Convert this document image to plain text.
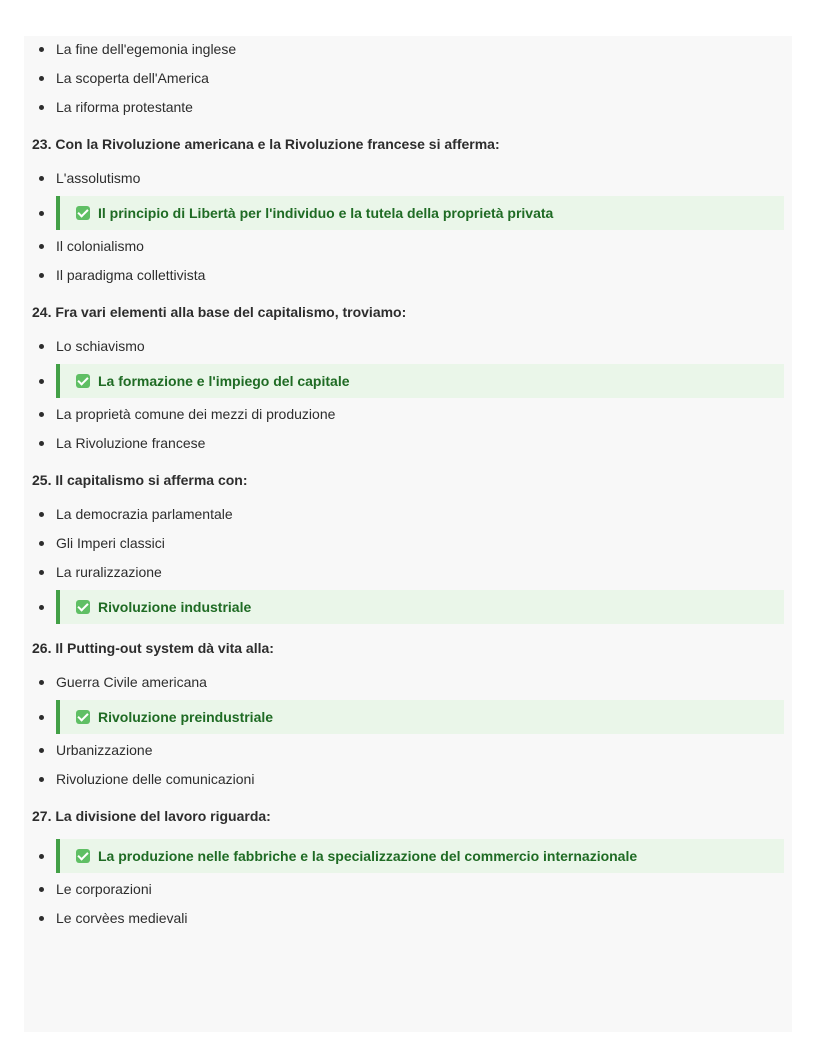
La fine dell'egemonia inglese
La scoperta dell'America
La riforma protestante
23. Con la Rivoluzione americana e la Rivoluzione francese si afferma:
L'assolutismo
Il principio di Libertà per l'individuo e la tutela della proprietà privata
Il colonialismo
Il paradigma collettivista
24. Fra vari elementi alla base del capitalismo, troviamo:
Lo schiavismo
La formazione e l'impiego del capitale
La proprietà comune dei mezzi di produzione
La Rivoluzione francese
25. Il capitalismo si afferma con:
La democrazia parlamentale
Gli Imperi classici
La ruralizzazione
Rivoluzione industriale
26. Il Putting-out system dà vita alla:
Guerra Civile americana
Rivoluzione preindustriale
Urbanizzazione
Rivoluzione delle comunicazioni
27. La divisione del lavoro riguarda:
La produzione nelle fabbriche e la specializzazione del commercio internazionale
Le corporazioni
Le corvèes medievali
